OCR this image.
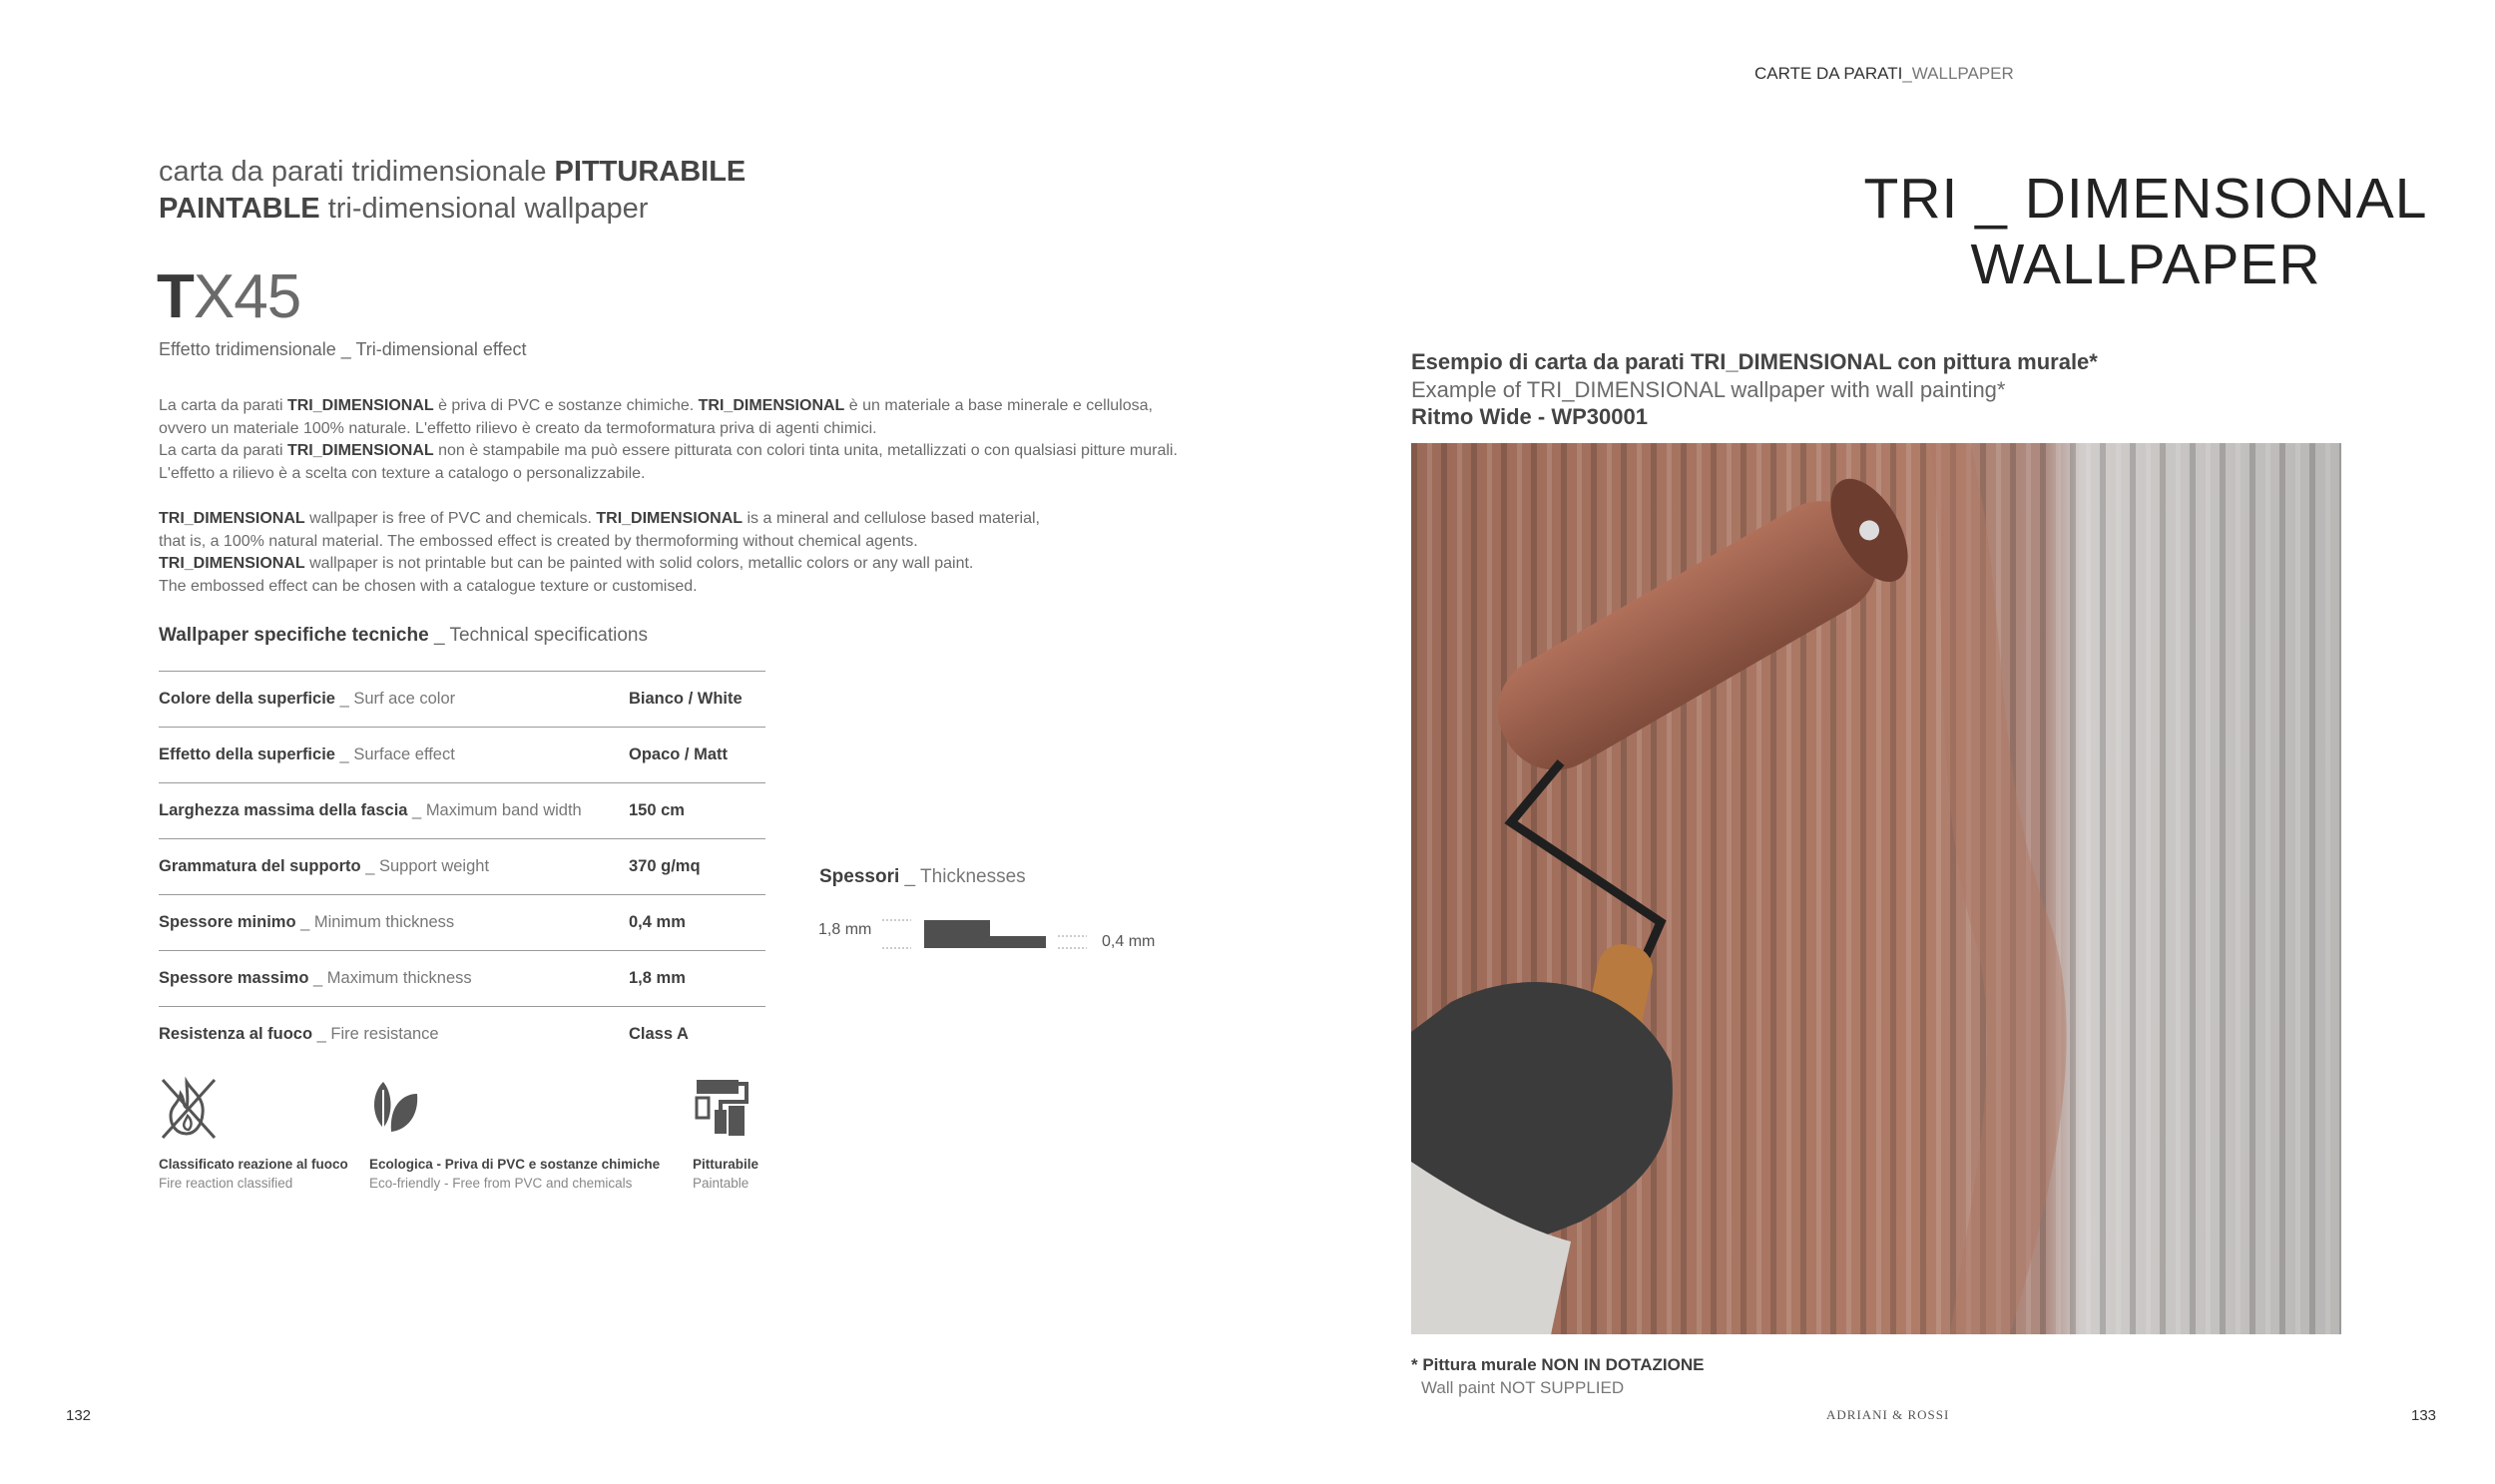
carta da parati tridimensionale PITTURABILE
PAINTABLE tri-dimensional wallpaper
TX45
Effetto tridimensionale _ Tri-dimensional effect
La carta da parati TRI_DIMENSIONAL è priva di PVC e sostanze chimiche. TRI_DIMENSIONAL è un materiale a base minerale e cellulosa,
ovvero un materiale 100% naturale. L'effetto rilievo è creato da termoformatura priva di agenti chimici.
La carta da parati TRI_DIMENSIONAL non è stampabile ma può essere pitturata con colori tinta unita, metallizzati o con qualsiasi pitture murali.
L'effetto a rilievo è a scelta con texture a catalogo o personalizzabile.
TRI_DIMENSIONAL wallpaper is free of PVC and chemicals. TRI_DIMENSIONAL is a mineral and cellulose based material,
that is, a 100% natural material. The embossed effect is created by thermoforming without chemical agents.
TRI_DIMENSIONAL wallpaper is not printable but can be painted with solid colors, metallic colors or any wall paint.
The embossed effect can be chosen with a catalogue texture or customised.
Wallpaper specifiche tecniche _ Technical specifications
Colore della superficie _ Surf ace color	Bianco / White
Effetto della superficie _ Surface effect	Opaco / Matt
Larghezza massima della fascia _ Maximum band width	150 cm
Grammatura del supporto _ Support weight	370 g/mq
Spessore minimo _ Minimum thickness	0,4 mm
Spessore massimo _ Maximum thickness	1,8 mm
Resistenza al fuoco _ Fire resistance	Class A
Spessori _ Thicknesses
1,8 mm
0,4 mm
Classificato reazione al fuoco
Fire reaction classified
Ecologica - Priva di PVC e sostanze chimiche
Eco-friendly - Free from PVC and chemicals
Pitturabile
Paintable
132
CARTE DA PARATI_WALLPAPER
TRI _ DIMENSIONAL
WALLPAPER
Esempio di carta da parati TRI_DIMENSIONAL con pittura murale*
Example of TRI_DIMENSIONAL wallpaper with wall painting*
Ritmo Wide - WP30001
* Pittura murale NON IN DOTAZIONE
Wall paint NOT SUPPLIED
ADRIANI & ROSSI	133
